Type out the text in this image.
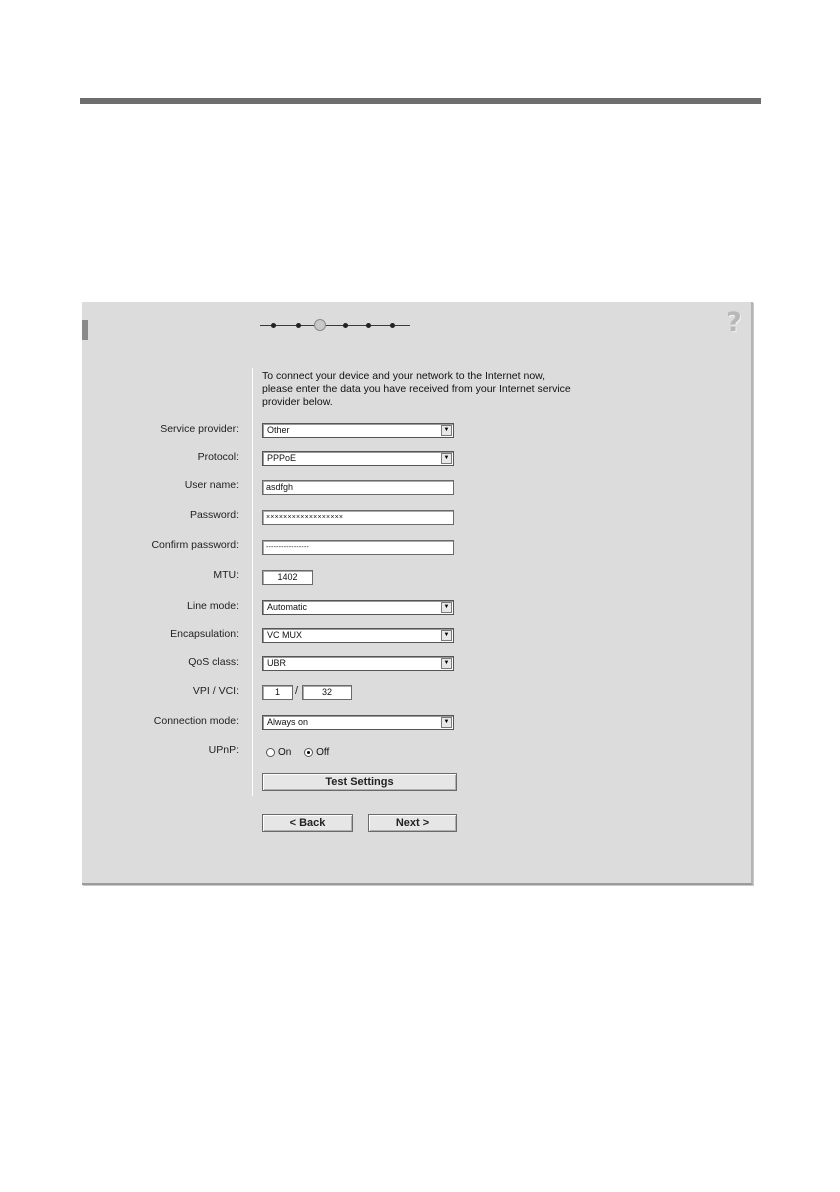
?
To connect your device and your network to the Internet now,
please enter the data you have received from your Internet service
provider below.
Service provider:	Other	▼
Protocol:	PPPoE	▼
User name:	asdfgh
Password:	××××××××××××××××××
Confirm password:	-----------------
MTU:	1402
Line mode:	Automatic	▼
Encapsulation:	VC MUX	▼
QoS class:	UBR	▼
VPI / VCI:	1	/	32
Connection mode:	Always on	▼
UPnP:	On Off
Test Settings
< Back	Next >
